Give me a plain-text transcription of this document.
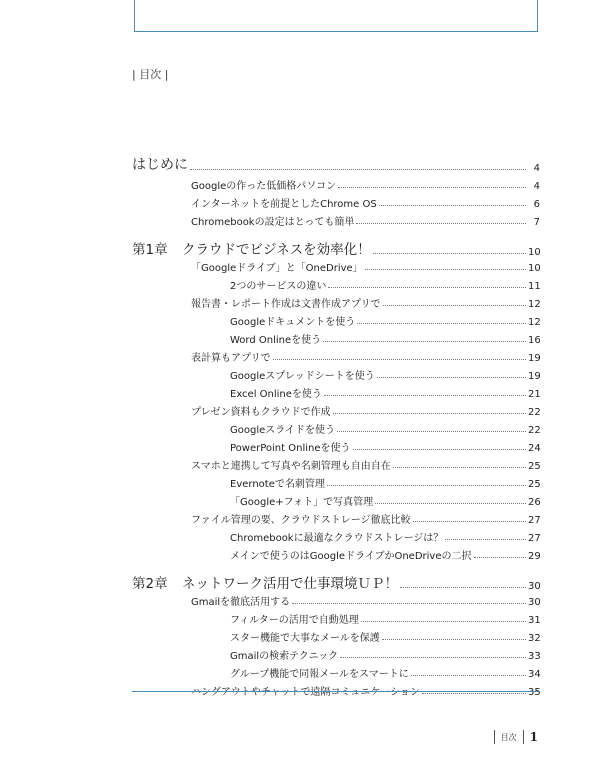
| 目次 |
はじめに	4
Googleの作った低価格パソコン	4
インターネットを前提としたChrome OS	6
Chromebookの設定はとっても簡単	7
第1章 クラウドでビジネスを効率化！	10
「Googleドライブ」と「OneDrive」	10
2つのサービスの違い	11
報告書・レポート作成は文書作成アプリで	12
Googleドキュメントを使う	12
Word Onlineを使う	16
表計算もアプリで	19
Googleスプレッドシートを使う	19
Excel Onlineを使う	21
プレゼン資料もクラウドで作成	22
Googleスライドを使う	22
PowerPoint Onlineを使う	24
スマホと連携して写真や名刺管理も自由自在	25
Evernoteで名刺管理	25
「Google+フォト」で写真管理	26
ファイル管理の要、クラウドストレージ徹底比較	27
Chromebookに最適なクラウドストレージは？	27
メインで使うのはGoogleドライブかOneDriveの二択	29
第2章 ネットワーク活用で仕事環境ＵＰ！	30
Gmailを徹底活用する	30
フィルターの活用で自動処理	31
スター機能で大事なメールを保護	32
Gmailの検索テクニック	33
グループ機能で同報メールをスマートに	34
ハングアウトやチャットで遠隔コミュニケーション	35
目次 1
